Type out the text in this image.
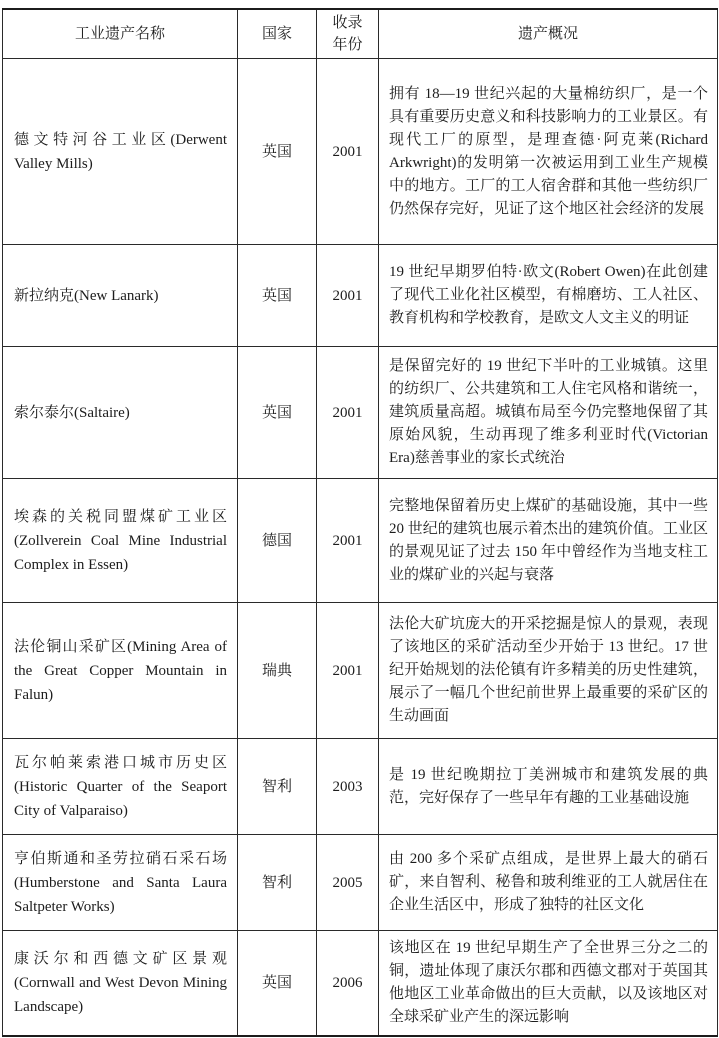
工业遗产名称	国家	收录年份	遗产概况
德文特河谷工业区(Derwent Valley Mills)	英国	2001	拥有 18—19 世纪兴起的大量棉纺织厂，是一个具有重要历史意义和科技影响力的工业景区。有现代工厂的原型，是理查德·阿克莱(Richard Arkwright)的发明第一次被运用到工业生产规模中的地方。工厂的工人宿舍群和其他一些纺织厂仍然保存完好，见证了这个地区社会经济的发展
新拉纳克(New Lanark)	英国	2001	19 世纪早期罗伯特·欧文(Robert Owen)在此创建了现代工业化社区模型，有棉磨坊、工人社区、教育机构和学校教育，是欧文人文主义的明证
索尔泰尔(Saltaire)	英国	2001	是保留完好的 19 世纪下半叶的工业城镇。这里的纺织厂、公共建筑和工人住宅风格和谐统一，建筑质量高超。城镇布局至今仍完整地保留了其原始风貌，生动再现了维多利亚时代(Victorian Era)慈善事业的家长式统治
埃森的关税同盟煤矿工业区(Zollverein Coal Mine Industrial Complex in Essen)	德国	2001	完整地保留着历史上煤矿的基础设施，其中一些 20 世纪的建筑也展示着杰出的建筑价值。工业区的景观见证了过去 150 年中曾经作为当地支柱工业的煤矿业的兴起与衰落
法伦铜山采矿区(Mining Area of the Great Copper Mountain in Falun)	瑞典	2001	法伦大矿坑庞大的开采挖掘是惊人的景观，表现了该地区的采矿活动至少开始于 13 世纪。17 世纪开始规划的法伦镇有许多精美的历史性建筑，展示了一幅几个世纪前世界上最重要的采矿区的生动画面
瓦尔帕莱索港口城市历史区(Historic Quarter of the Seaport City of Valparaiso)	智利	2003	是 19 世纪晚期拉丁美洲城市和建筑发展的典范，完好保存了一些早年有趣的工业基础设施
亨伯斯通和圣劳拉硝石采石场(Humberstone and Santa Laura Saltpeter Works)	智利	2005	由 200 多个采矿点组成，是世界上最大的硝石矿，来自智利、秘鲁和玻利维亚的工人就居住在企业生活区中，形成了独特的社区文化
康沃尔和西德文矿区景观(Cornwall and West Devon Mining Landscape)	英国	2006	该地区在 19 世纪早期生产了全世界三分之二的铜，遗址体现了康沃尔郡和西德文郡对于英国其他地区工业革命做出的巨大贡献，以及该地区对全球采矿业产生的深远影响
